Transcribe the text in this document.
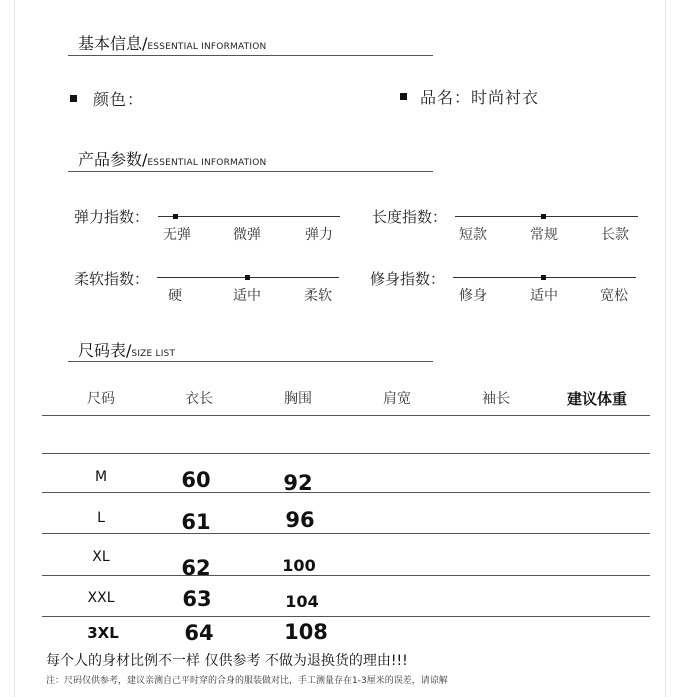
基本信息/ESSENTIAL INFORMATION
颜色：	品名：时尚衬衣
产品参数/ESSENTIAL INFORMATION
弹力指数：
无弹	微弹	弹力
长度指数：
短款	常规	长款
柔软指数：
硬	适中	柔软
修身指数：
修身	适中	宽松
尺码表/SIZE LIST
尺码	衣长	胸围	肩宽	袖长	建议体重
M	60	92
L	61	96
XL	62	100
XXL	63	104
3XL	64	108
每个人的身材比例不一样 仅供参考 不做为退换货的理由!!!
注：尺码仅供参考，建议亲测自己平时穿的合身的服装做对比，手工测量存在1-3厘米的误差，请谅解
